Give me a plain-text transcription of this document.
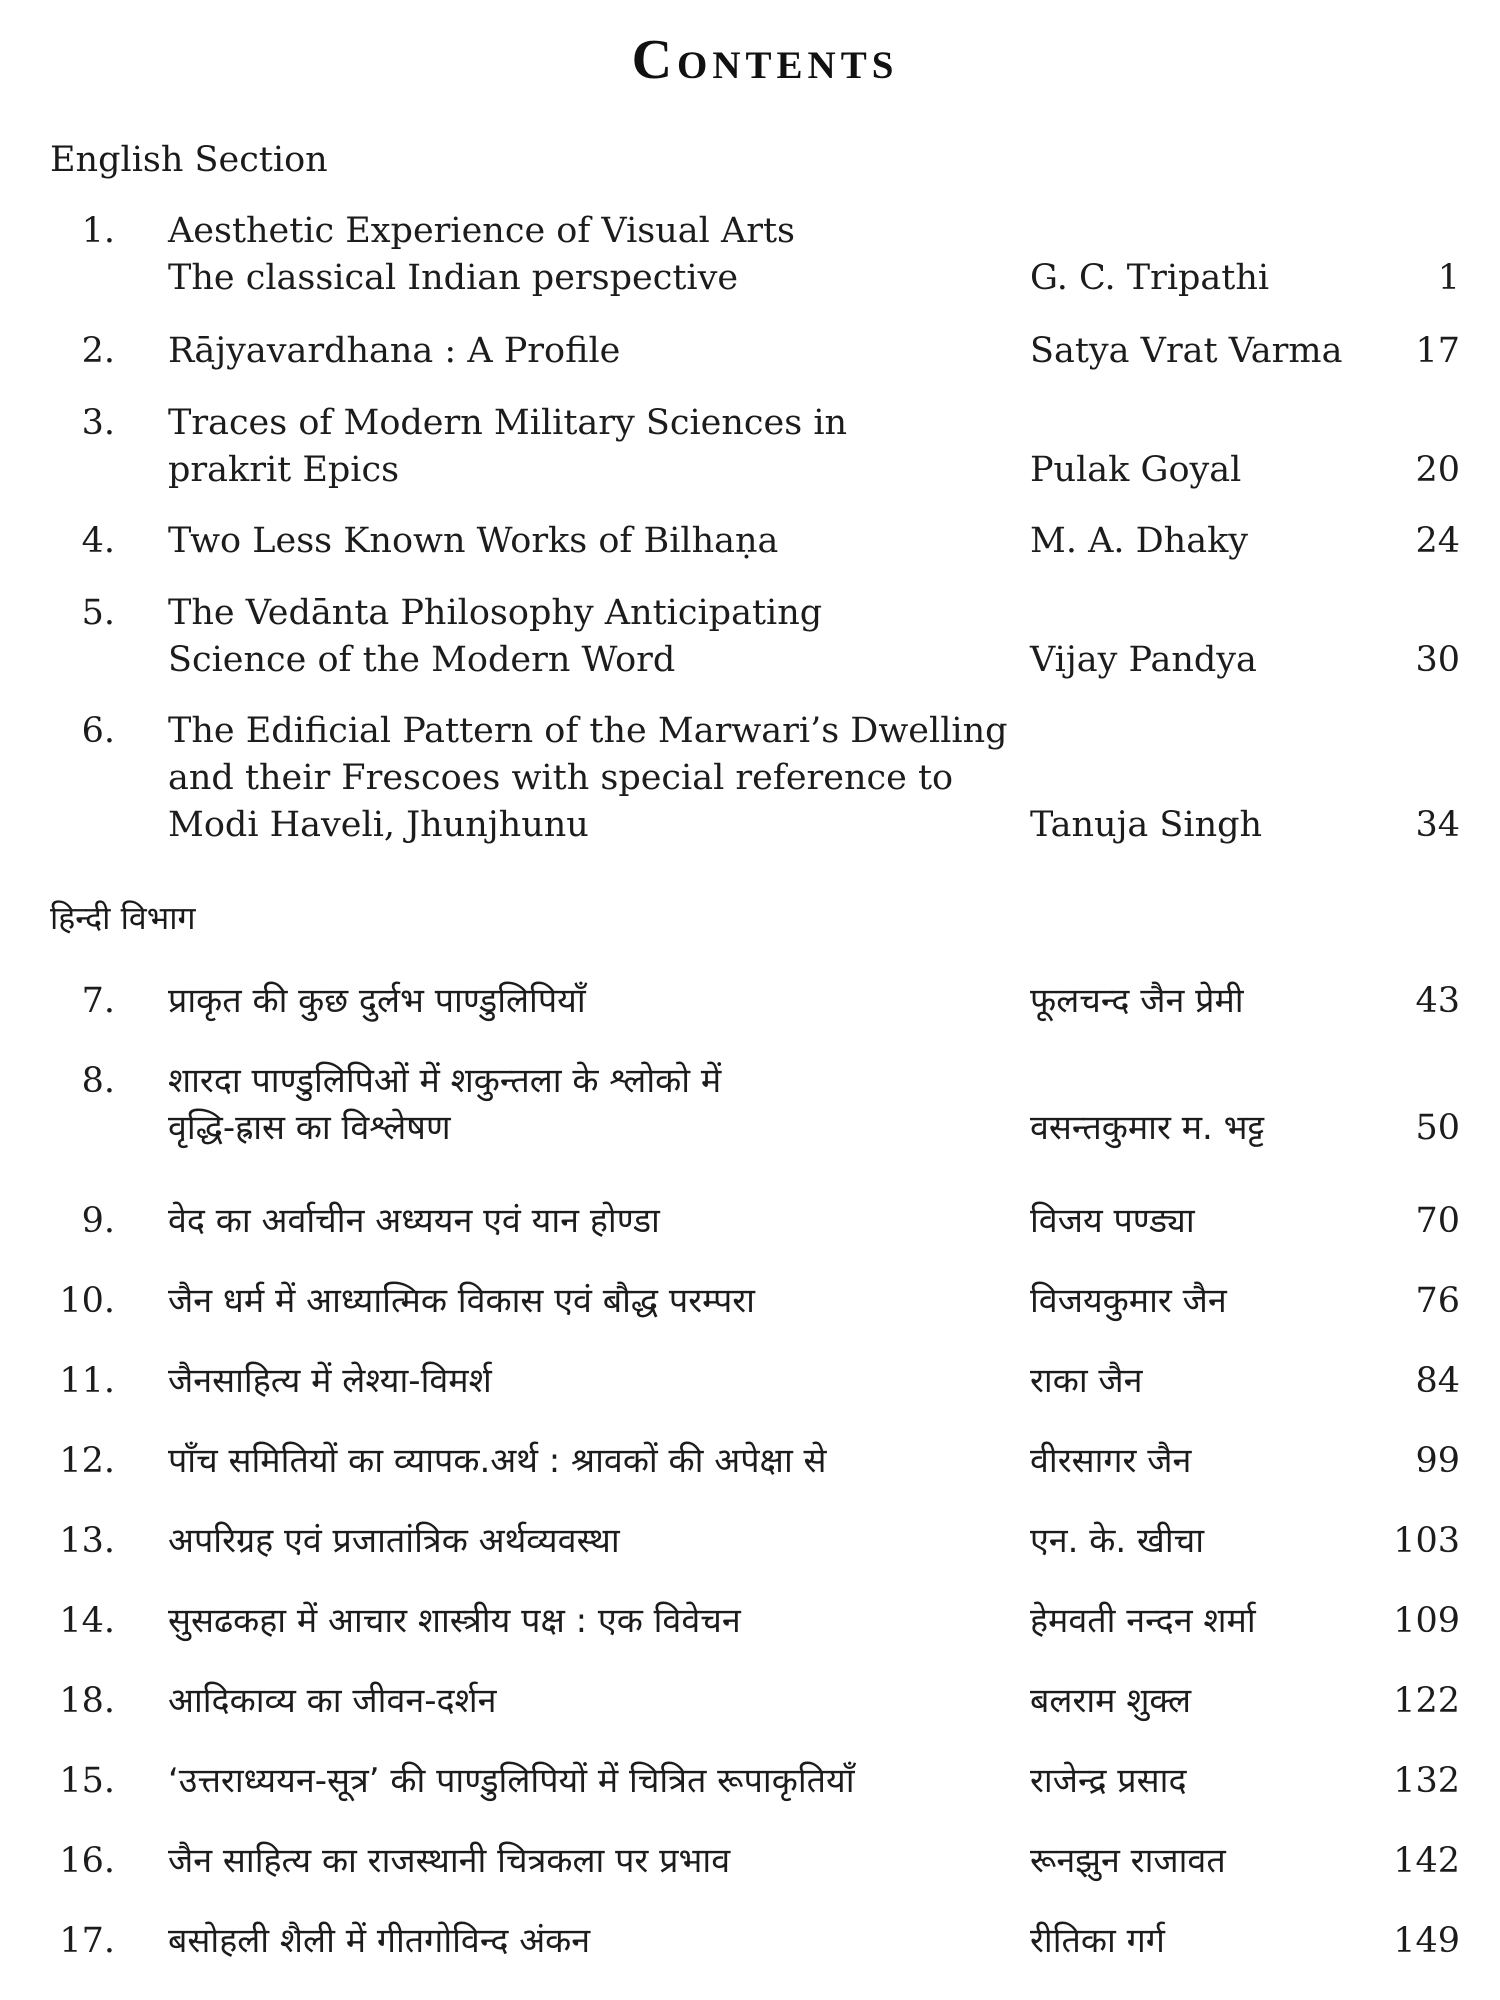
Contents
English Section
1. Aesthetic Experience of Visual Arts
The classical Indian perspective	G. C. Tripathi	1
2. Rājyavardhana : A Profile	Satya Vrat Varma 17
3. Traces of Modern Military Sciences in
prakrit Epics	Pulak Goyal	20
4. Two Less Known Works of Bilhaṇa	M. A. Dhaky	24
5. The Vedānta Philosophy Anticipating
Science of the Modern Word	Vijay Pandya	30
6. The Edificial Pattern of the Marwari’s Dwelling
and their Frescoes with special reference to
Modi Haveli, Jhunjhunu	Tanuja Singh	34
हिन्दी विभाग
7. प्राकृत की कुछ दुर्लभ पाण्डुलिपियाँ	फूलचन्द जैन प्रेमी	43
8. शारदा पाण्डुलिपिओं में शकुन्तला के श्लोको में
वृद्धि-ह्रास का विश्लेषण	वसन्तकुमार म. भट्ट	50
9. वेद का अर्वाचीन अध्ययन एवं यान होण्डा	विजय पण्ड्या	70
10. जैन धर्म में आध्यात्मिक विकास एवं बौद्ध परम्परा	विजयकुमार जैन	76
11. जैनसाहित्य में लेश्या-विमर्श	राका जैन	84
12. पाँच समितियों का व्यापक.अर्थ : श्रावकों की अपेक्षा से	वीरसागर जैन	99
13. अपरिग्रह एवं प्रजातांत्रिक अर्थव्यवस्था	एन. के. खीचा	103
14. सुसढकहा में आचार शास्त्रीय पक्ष : एक विवेचन	हेमवती नन्दन शर्मा	109
18. आदिकाव्य का जीवन-दर्शन	बलराम शुक्ल	122
15. ‘उत्तराध्ययन-सूत्र’ की पाण्डुलिपियों में चित्रित रूपाकृतियाँ	राजेन्द्र प्रसाद	132
16. जैन साहित्य का राजस्थानी चित्रकला पर प्रभाव	रूनझुन राजावत	142
17. बसोहली शैली में गीतगोविन्द अंकन	रीतिका गर्ग	149
